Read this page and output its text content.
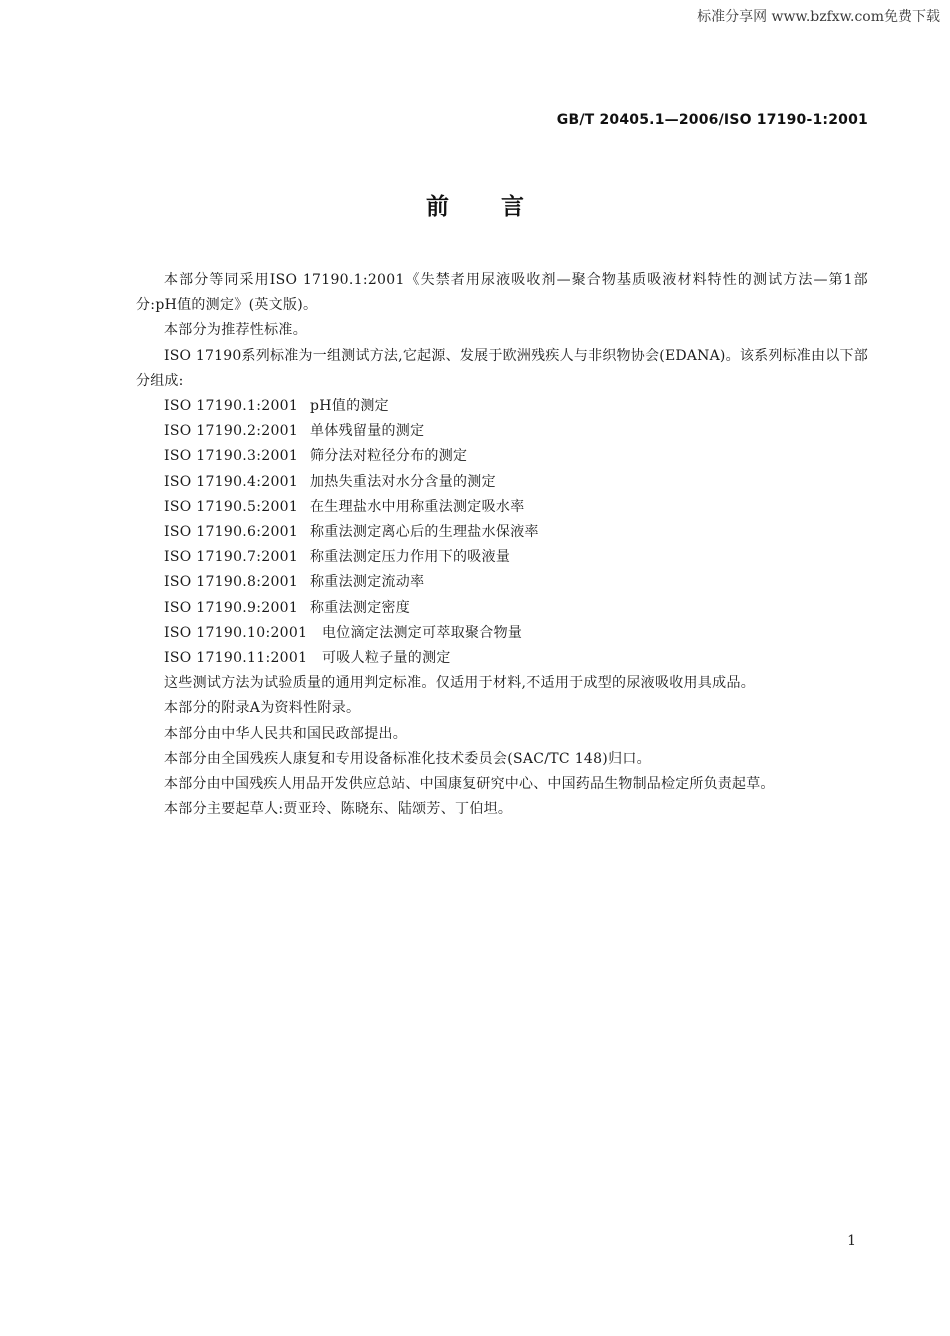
标准分享网 www.bzfxw.com免费下载
GB/T 20405.1—2006/ISO 17190-1:2001
前言

本部分等同采用ISO 17190.1:2001《失禁者用尿液吸收剂—聚合物基质吸液材料特性的测试方法—第1部分:pH值的测定》(英文版)。

本部分为推荐性标准。

ISO 17190系列标准为一组测试方法,它起源、发展于欧洲残疾人与非织物协会(EDANA)。该系列标准由以下部分组成:

ISO 17190.1:2001 pH值的测定
ISO 17190.2:2001 单体残留量的测定
ISO 17190.3:2001 筛分法对粒径分布的测定
ISO 17190.4:2001 加热失重法对水分含量的测定
ISO 17190.5:2001 在生理盐水中用称重法测定吸水率
ISO 17190.6:2001 称重法测定离心后的生理盐水保液率
ISO 17190.7:2001 称重法测定压力作用下的吸液量
ISO 17190.8:2001 称重法测定流动率
ISO 17190.9:2001 称重法测定密度
ISO 17190.10:2001 电位滴定法测定可萃取聚合物量
ISO 17190.11:2001 可吸人粒子量的测定

这些测试方法为试验质量的通用判定标准。仅适用于材料,不适用于成型的尿液吸收用具成品。

本部分的附录A为资料性附录。

本部分由中华人民共和国民政部提出。

本部分由全国残疾人康复和专用设备标准化技术委员会(SAC/TC 148)归口。

本部分由中国残疾人用品开发供应总站、中国康复研究中心、中国药品生物制品检定所负责起草。

本部分主要起草人:贾亚玲、陈晓东、陆颂芳、丁伯坦。

1
